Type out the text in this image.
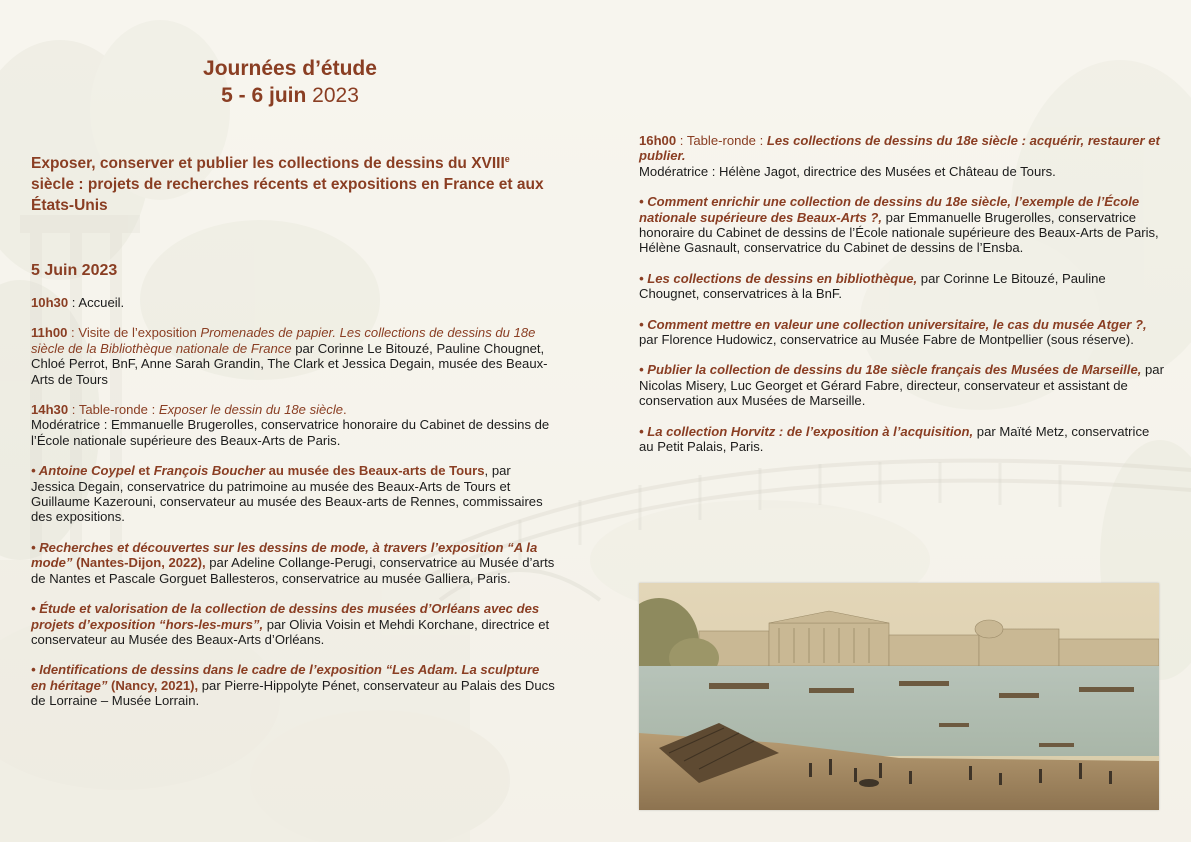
Journées d’étude
5 - 6 juin 2023
Exposer, conserver et publier les collections de dessins du XVIIIe siècle : projets de recherches récents et expositions en France et aux États-Unis
5 Juin 2023

10h30 : Accueil.

11h00 : Visite de l’exposition Promenades de papier. Les collections de dessins du 18e siècle de la Bibliothèque nationale de France par Corinne Le Bitouzé, Pauline Chougnet, Chloé Perrot, BnF, Anne Sarah Grandin, The Clark et Jessica Degain, musée des Beaux-Arts de Tours

14h30 : Table-ronde : Exposer le dessin du 18e siècle.

Modératrice : Emmanuelle Brugerolles, conservatrice honoraire du Cabinet de dessins de l’École nationale supérieure des Beaux-Arts de Paris.

• Antoine Coypel et François Boucher au musée des Beaux-arts de Tours, par Jessica Degain, conservatrice du patrimoine au musée des Beaux-Arts de Tours et Guillaume Kazerouni, conservateur au musée des Beaux-arts de Rennes, commissaires des expositions.

• Recherches et découvertes sur les dessins de mode, à travers l’exposition “A la mode” (Nantes-Dijon, 2022), par Adeline Collange-Perugi, conservatrice au Musée d’arts de Nantes et Pascale Gorguet Ballesteros, conservatrice au musée Galliera, Paris.

• Étude et valorisation de la collection de dessins des musées d’Orléans avec des projets d’exposition “hors-les-murs”, par Olivia Voisin et Mehdi Korchane, directrice et conservateur au Musée des Beaux-Arts d’Orléans.

• Identifications de dessins dans le cadre de l’exposition “Les Adam. La sculpture en héritage” (Nancy, 2021), par Pierre-Hippolyte Pénet, conservateur au Palais des Ducs de Lorraine – Musée Lorrain.

16h00 : Table-ronde : Les collections de dessins du 18e siècle : acquérir, restaurer et publier.

Modératrice : Hélène Jagot, directrice des Musées et Château de Tours.

• Comment enrichir une collection de dessins du 18e siècle, l’exemple de l’École nationale supérieure des Beaux-Arts ?, par Emmanuelle Brugerolles, conservatrice honoraire du Cabinet de dessins de l’École nationale supérieure des Beaux-Arts de Paris, Hélène Gasnault, conservatrice du Cabinet de dessins de l’Ensba.

• Les collections de dessins en bibliothèque, par Corinne Le Bitouzé, Pauline Chougnet, conservatrices à la BnF.

• Comment mettre en valeur une collection universitaire, le cas du musée Atger ?, par Florence Hudowicz, conservatrice au Musée Fabre de Montpellier (sous réserve).

• Publier la collection de dessins du 18e siècle français des Musées de Marseille, par Nicolas Misery, Luc Georget et Gérard Fabre, directeur, conservateur et assistant de conservation aux Musées de Marseille.

• La collection Horvitz : de l’exposition à l’acquisition, par Maïté Metz, conservatrice au Petit Palais, Paris.
